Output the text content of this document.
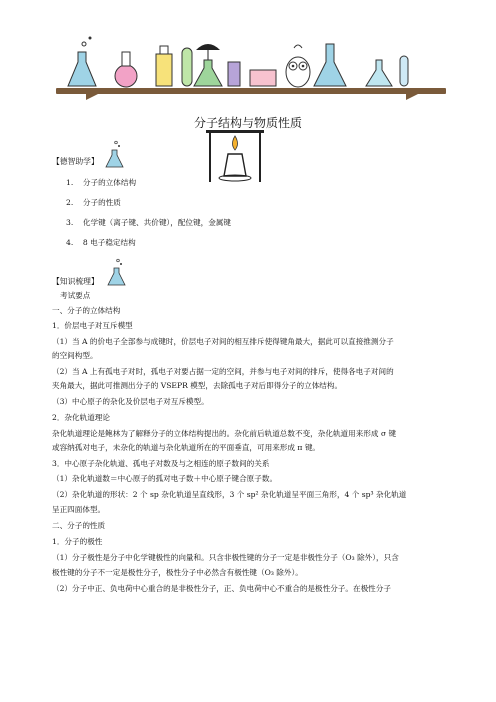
分子结构与物质性质
【德智助学】
1.    分子的立体结构
2.    分子的性质
3.    化学键（离子键、共价键），配位键，金属键
4.    8 电子稳定结构
【知识梳理】
考试要点
一、分子的立体结构
1．价层电子对互斥模型
（1）当 A 的价电子全部参与成键时，价层电子对间的相互排斥使得键角最大，据此可以直接推测分子
的空间构型。
（2）当 A 上有孤电子对时，孤电子对要占据一定的空间，并参与电子对间的排斥，使得各电子对间的
夹角最大，据此可推测出分子的 VSEPR 模型，去除孤电子对后即得分子的立体结构。
（3）中心原子的杂化及价层电子对互斥模型。
2．杂化轨道理论
杂化轨道理论是鲍林为了解释分子的立体结构提出的。杂化前后轨道总数不变，杂化轨道用来形成 σ 键
或容纳孤对电子，未杂化的轨道与杂化轨道所在的平面垂直，可用来形成 π 键。
3．中心原子杂化轨道、孤电子对数及与之相连的原子数间的关系
（1）杂化轨道数＝中心原子的孤对电子数＋中心原子键合原子数。
（2）杂化轨道的形状：2 个 sp 杂化轨道呈直线形，3 个 sp² 杂化轨道呈平面三角形，4 个 sp³ 杂化轨道
呈正四面体型。
二、分子的性质
1．分子的极性
（1）分子极性是分子中化学键极性的向量和。只含非极性键的分子一定是非极性分子（O₃ 除外），只含
极性键的分子不一定是极性分子，极性分子中必然含有极性键（O₃ 除外）。
（2）分子中正、负电荷中心重合的是非极性分子，正、负电荷中心不重合的是极性分子。在极性分子
